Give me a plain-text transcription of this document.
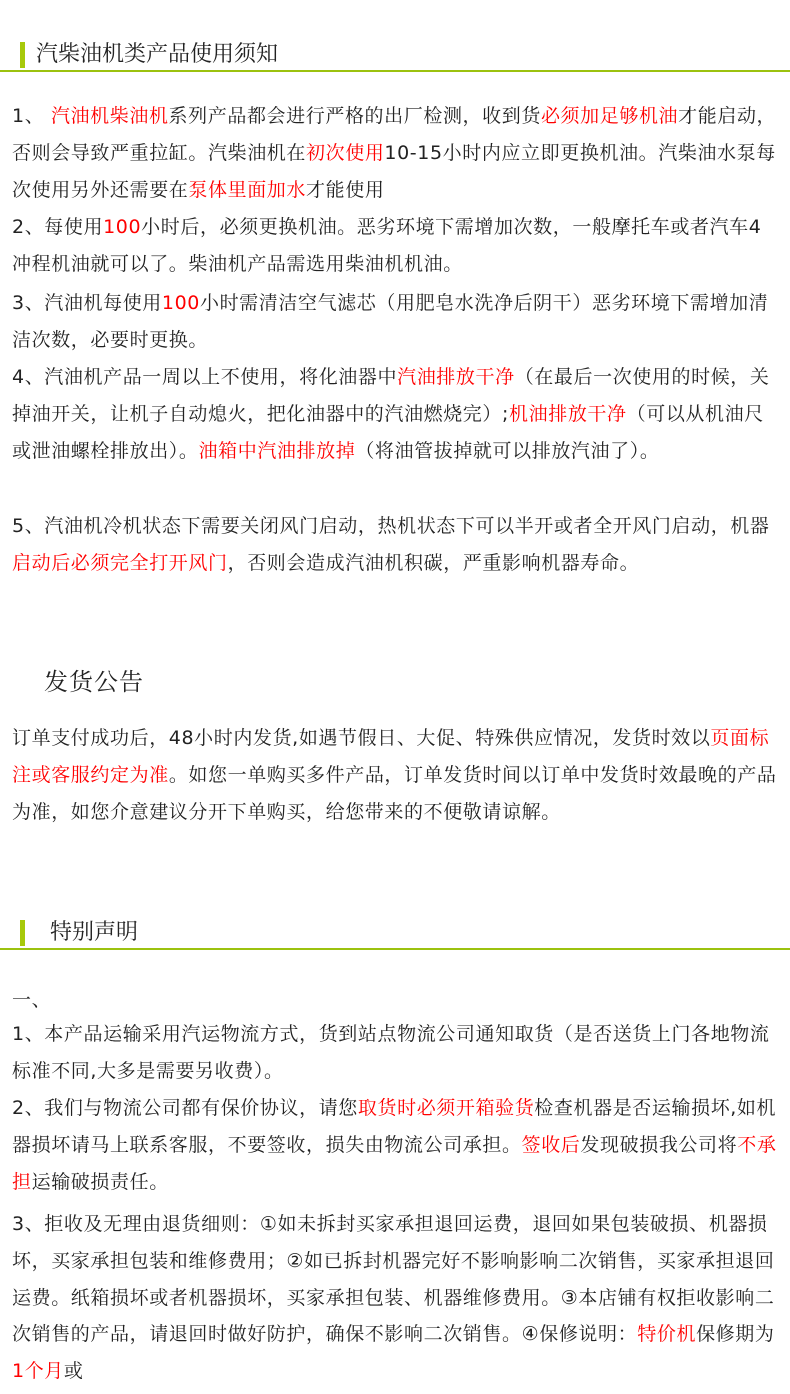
汽柴油机类产品使用须知

1、 汽油机柴油机系列产品都会进行严格的出厂检测，收到货必须加足够机油才能启动，否则会导致严重拉缸。汽柴油机在初次使用10-15小时内应立即更换机油。汽柴油水泵每次使用另外还需要在泵体里面加水才能使用

2、每使用100小时后，必须更换机油。恶劣环境下需增加次数，一般摩托车或者汽车4冲程机油就可以了。柴油机产品需选用柴油机机油。

3、汽油机每使用100小时需清洁空气滤芯（用肥皂水洗净后阴干）恶劣环境下需增加清洁次数，必要时更换。

4、汽油机产品一周以上不使用，将化油器中汽油排放干净（在最后一次使用的时候，关掉油开关，让机子自动熄火，把化油器中的汽油燃烧完）;机油排放干净（可以从机油尺或泄油螺栓排放出）。油箱中汽油排放掉（将油管拔掉就可以排放汽油了）。

5、汽油机冷机状态下需要关闭风门启动，热机状态下可以半开或者全开风门启动，机器启动后必须完全打开风门，否则会造成汽油机积碳，严重影响机器寿命。

发货公告

订单支付成功后，48小时内发货,如遇节假日、大促、特殊供应情况，发货时效以页面标注或客服约定为准。如您一单购买多件产品，订单发货时间以订单中发货时效最晚的产品为准，如您介意建议分开下单购买，给您带来的不便敬请谅解。

特别声明

一、

1、本产品运输采用汽运物流方式，货到站点物流公司通知取货（是否送货上门各地物流标准不同,大多是需要另收费）。

2、我们与物流公司都有保价协议，请您取货时必须开箱验货检查机器是否运输损坏,如机器损坏请马上联系客服，不要签收，损失由物流公司承担。签收后发现破损我公司将不承担运输破损责任。

3、拒收及无理由退货细则：①如未拆封买家承担退回运费，退回如果包装破损、机器损坏，买家承担包装和维修费用；②如已拆封机器完好不影响影响二次销售，买家承担退回运费。纸箱损坏或者机器损坏，买家承担包装、机器维修费用。③本店铺有权拒收影响二次销售的产品，请退回时做好防护，确保不影响二次销售。④保修说明：特价机保修期为1个月或
